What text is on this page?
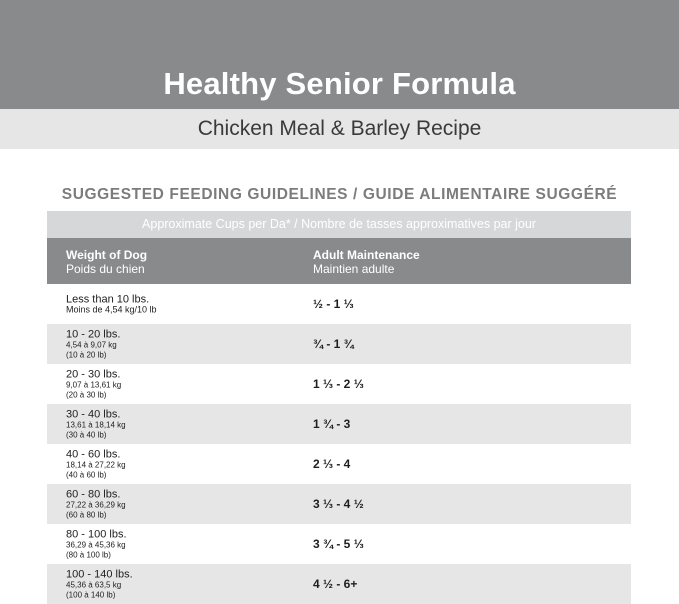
Healthy Senior Formula
Chicken Meal & Barley Recipe
SUGGESTED FEEDING GUIDELINES / GUIDE ALIMENTAIRE SUGGÉRÉ
Approximate Cups per Da* / Nombre de tasses approximatives par jour
Weight of Dog
Poids du chien
Adult Maintenance
Maintien adulte
Less than 10 lbs.
Moins de 4,54 kg/10 lb	½ - 1 ⅓
10 - 20 lbs.
4,54 à 9,07 kg
(10 à 20 lb)
¾ - 1 ¾
20 - 30 lbs.
9,07 à 13,61 kg
(20 à 30 lb)
1 ⅓ - 2 ⅓
30 - 40 lbs.
13,61 à 18,14 kg
(30 à 40 lb)
1 ¾ - 3
40 - 60 lbs.
18,14 à 27,22 kg
(40 à 60 lb)
2 ⅓ - 4
60 - 80 lbs.
27,22 à 36,29 kg
(60 à 80 lb)
3 ⅓ - 4 ½
80 - 100 lbs.
36,29 à 45,36 kg
(80 à 100 lb)
3 ¾ - 5 ⅓
100 - 140 lbs.
45,36 à 63,5 kg
(100 à 140 lb)
4 ½ - 6+
